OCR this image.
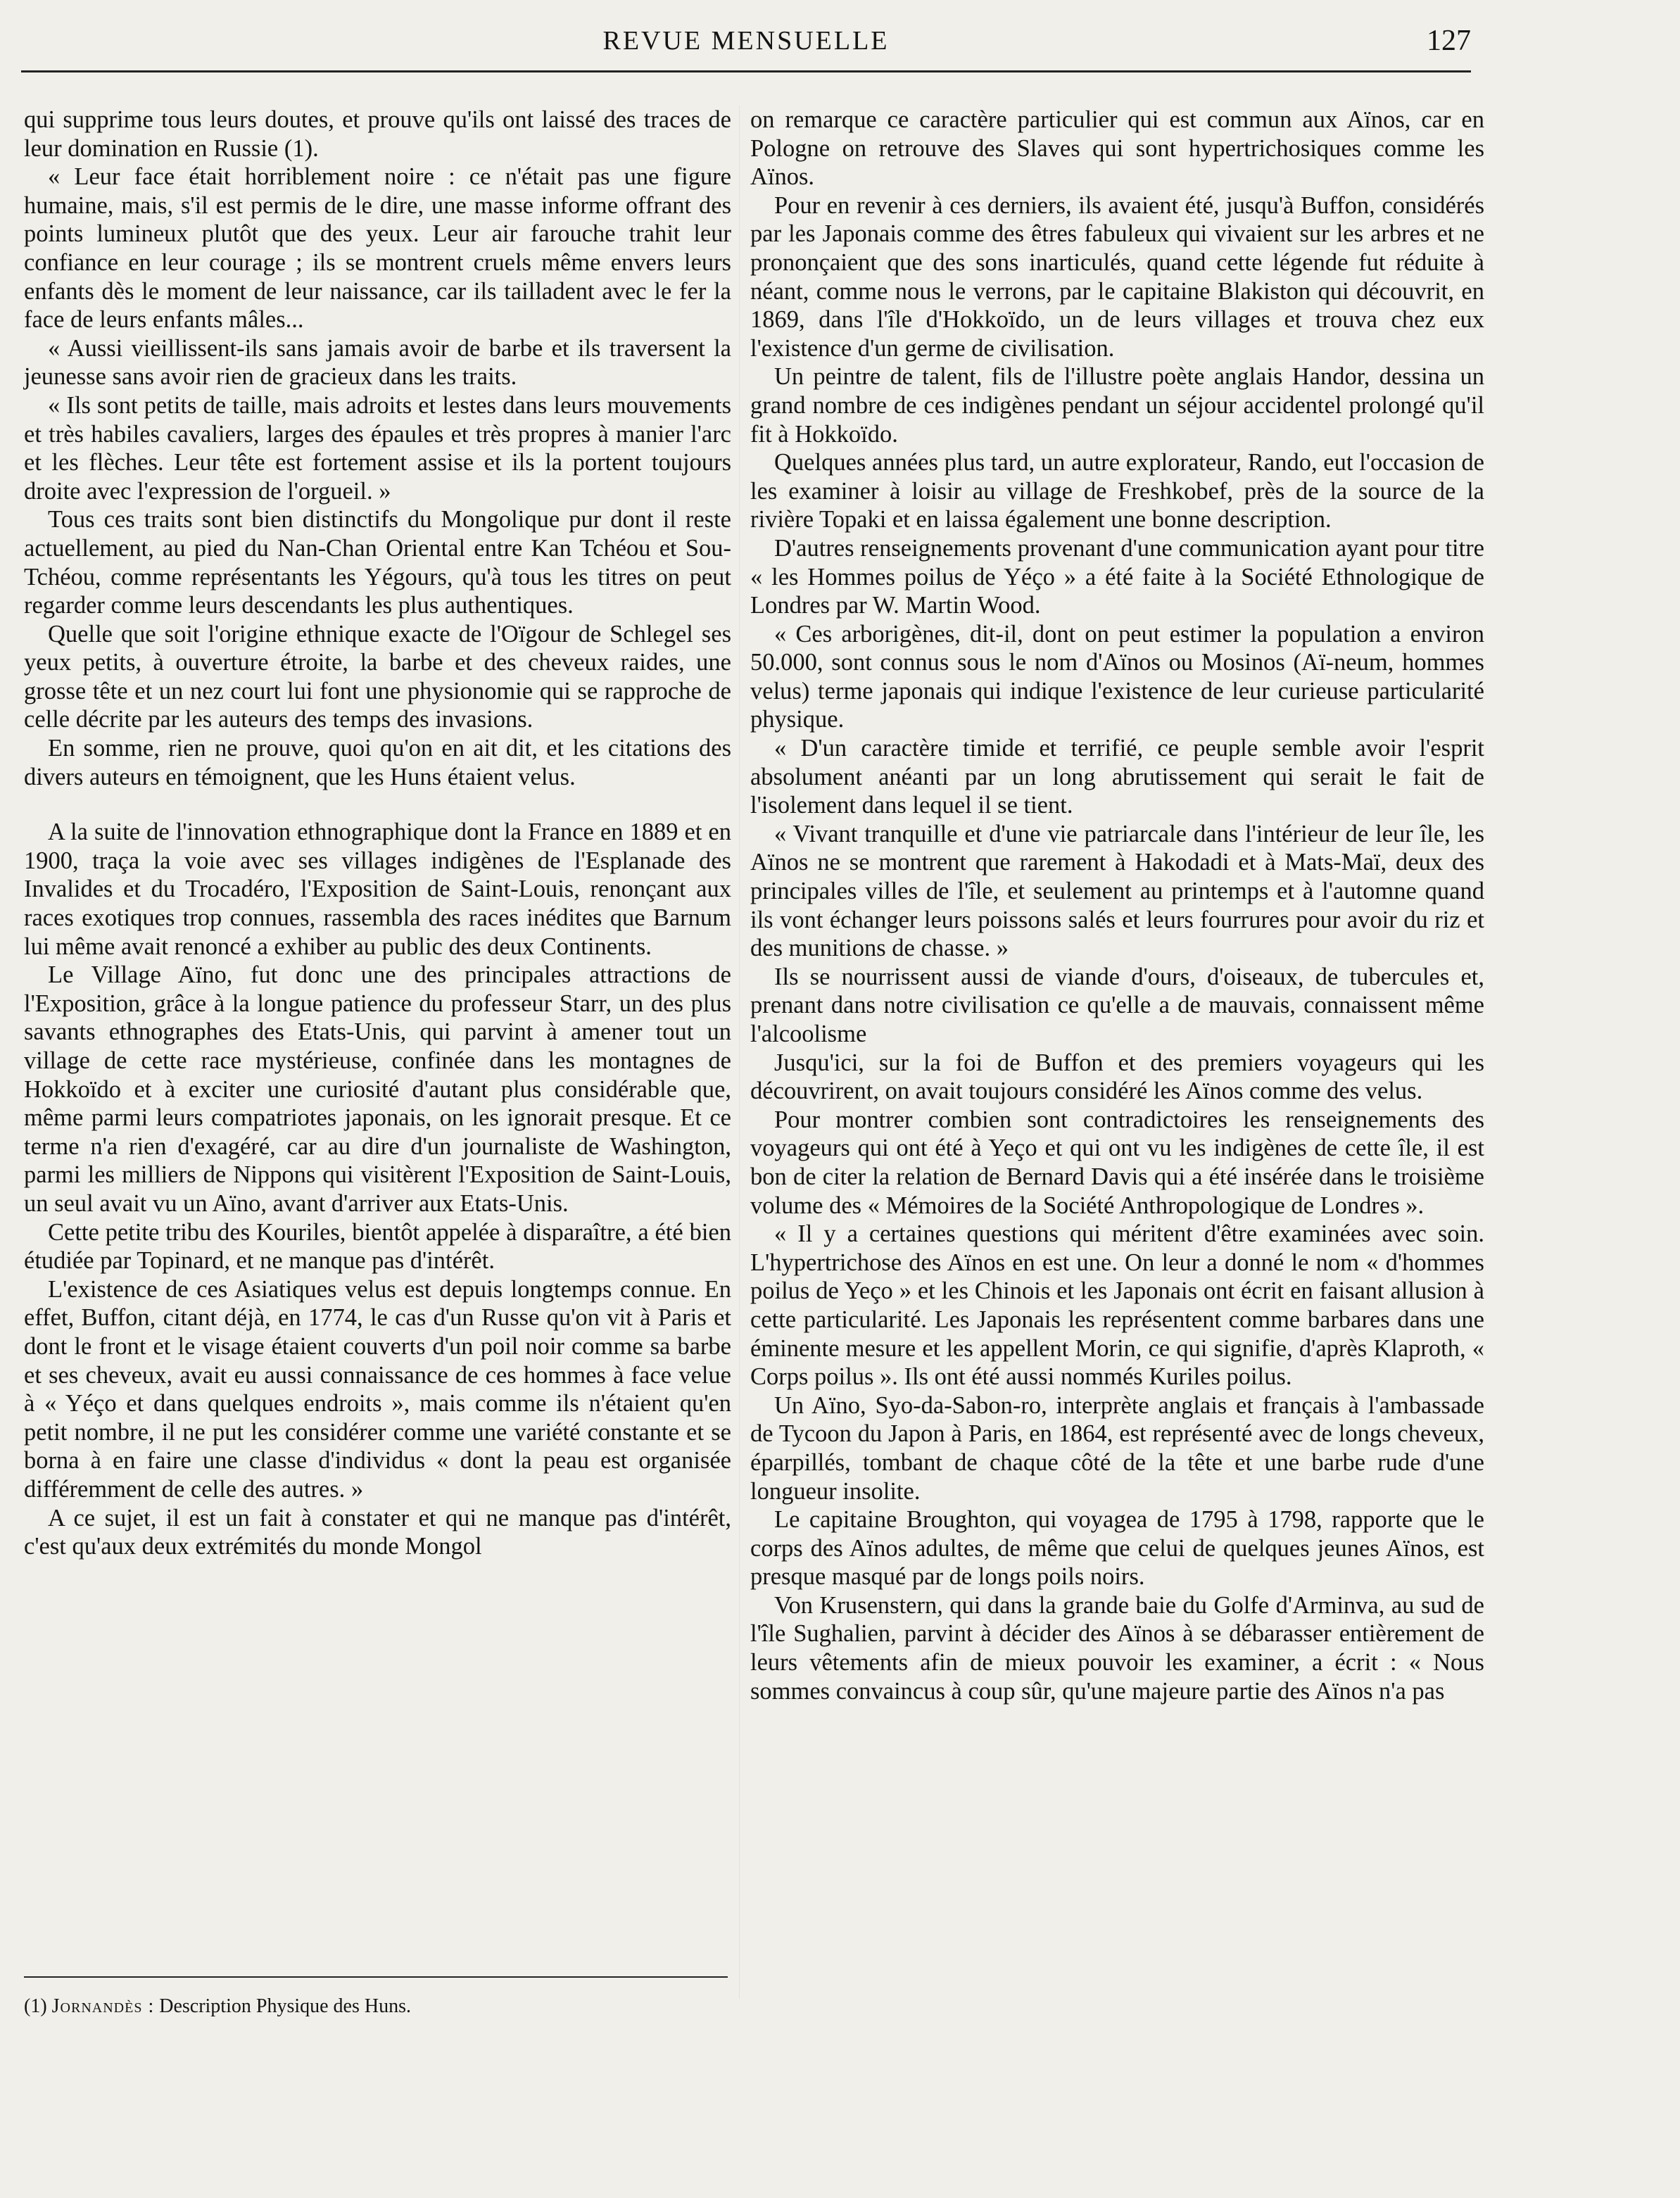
REVUE MENSUELLE	127

qui supprime tous leurs doutes, et prouve qu'ils ont laissé des traces de leur domination en Russie (1).

« Leur face était horriblement noire : ce n'était pas une figure humaine, mais, s'il est permis de le dire, une masse informe offrant des points lumineux plutôt que des yeux. Leur air farouche trahit leur confiance en leur courage ; ils se montrent cruels même envers leurs enfants dès le moment de leur naissance, car ils tailladent avec le fer la face de leurs enfants mâles...

« Aussi vieillissent-ils sans jamais avoir de barbe et ils traversent la jeunesse sans avoir rien de gracieux dans les traits.

« Ils sont petits de taille, mais adroits et lestes dans leurs mouvements et très habiles cavaliers, larges des épaules et très propres à manier l'arc et les flèches. Leur tête est fortement assise et ils la portent toujours droite avec l'expression de l'orgueil. »

Tous ces traits sont bien distinctifs du Mongolique pur dont il reste actuellement, au pied du Nan-Chan Oriental entre Kan Tchéou et Sou-Tchéou, comme représentants les Yégours, qu'à tous les titres on peut regarder comme leurs descendants les plus authentiques.

Quelle que soit l'origine ethnique exacte de l'Oïgour de Schlegel ses yeux petits, à ouverture étroite, la barbe et des cheveux raides, une grosse tête et un nez court lui font une physionomie qui se rapproche de celle décrite par les auteurs des temps des invasions.

En somme, rien ne prouve, quoi qu'on en ait dit, et les citations des divers auteurs en témoignent, que les Huns étaient velus.

A la suite de l'innovation ethnographique dont la France en 1889 et en 1900, traça la voie avec ses villages indigènes de l'Esplanade des Invalides et du Trocadéro, l'Exposition de Saint-Louis, renonçant aux races exotiques trop connues, rassembla des races inédites que Barnum lui même avait renoncé a exhiber au public des deux Continents.

Le Village Aïno, fut donc une des principales attractions de l'Exposition, grâce à la longue patience du professeur Starr, un des plus savants ethnographes des Etats-Unis, qui parvint à amener tout un village de cette race mystérieuse, confinée dans les montagnes de Hokkoïdo et à exciter une curiosité d'autant plus considérable que, même parmi leurs compatriotes japonais, on les ignorait presque. Et ce terme n'a rien d'exagéré, car au dire d'un journaliste de Washington, parmi les milliers de Nippons qui visitèrent l'Exposition de Saint-Louis, un seul avait vu un Aïno, avant d'arriver aux Etats-Unis.

Cette petite tribu des Kouriles, bientôt appelée à disparaître, a été bien étudiée par Topinard, et ne manque pas d'intérêt.

L'existence de ces Asiatiques velus est depuis longtemps connue. En effet, Buffon, citant déjà, en 1774, le cas d'un Russe qu'on vit à Paris et dont le front et le visage étaient couverts d'un poil noir comme sa barbe et ses cheveux, avait eu aussi connaissance de ces hommes à face velue à « Yéço et dans quelques endroits », mais comme ils n'étaient qu'en petit nombre, il ne put les considérer comme une variété constante et se borna à en faire une classe d'individus « dont la peau est organisée différemment de celle des autres. »

A ce sujet, il est un fait à constater et qui ne manque pas d'intérêt, c'est qu'aux deux extrémités du monde Mongol

on remarque ce caractère particulier qui est commun aux Aïnos, car en Pologne on retrouve des Slaves qui sont hypertrichosiques comme les Aïnos.

Pour en revenir à ces derniers, ils avaient été, jusqu'à Buffon, considérés par les Japonais comme des êtres fabuleux qui vivaient sur les arbres et ne prononçaient que des sons inarticulés, quand cette légende fut réduite à néant, comme nous le verrons, par le capitaine Blakiston qui découvrit, en 1869, dans l'île d'Hokkoïdo, un de leurs villages et trouva chez eux l'existence d'un germe de civilisation.

Un peintre de talent, fils de l'illustre poète anglais Handor, dessina un grand nombre de ces indigènes pendant un séjour accidentel prolongé qu'il fit à Hokkoïdo.

Quelques années plus tard, un autre explorateur, Rando, eut l'occasion de les examiner à loisir au village de Freshkobef, près de la source de la rivière Topaki et en laissa également une bonne description.

D'autres renseignements provenant d'une communication ayant pour titre « les Hommes poilus de Yéço » a été faite à la Société Ethnologique de Londres par W. Martin Wood.

« Ces arborigènes, dit-il, dont on peut estimer la population a environ 50.000, sont connus sous le nom d'Aïnos ou Mosinos (Aï-neum, hommes velus) terme japonais qui indique l'existence de leur curieuse particularité physique.

« D'un caractère timide et terrifié, ce peuple semble avoir l'esprit absolument anéanti par un long abrutissement qui serait le fait de l'isolement dans lequel il se tient.

« Vivant tranquille et d'une vie patriarcale dans l'intérieur de leur île, les Aïnos ne se montrent que rarement à Hakodadi et à Mats-Maï, deux des principales villes de l'île, et seulement au printemps et à l'automne quand ils vont échanger leurs poissons salés et leurs fourrures pour avoir du riz et des munitions de chasse. »

Ils se nourrissent aussi de viande d'ours, d'oiseaux, de tubercules et, prenant dans notre civilisation ce qu'elle a de mauvais, connaissent même l'alcoolisme

Jusqu'ici, sur la foi de Buffon et des premiers voyageurs qui les découvrirent, on avait toujours considéré les Aïnos comme des velus.

Pour montrer combien sont contradictoires les renseignements des voyageurs qui ont été à Yeço et qui ont vu les indigènes de cette île, il est bon de citer la relation de Bernard Davis qui a été insérée dans le troisième volume des « Mémoires de la Société Anthropologique de Londres ».

« Il y a certaines questions qui méritent d'être examinées avec soin. L'hypertrichose des Aïnos en est une. On leur a donné le nom « d'hommes poilus de Yeço » et les Chinois et les Japonais ont écrit en faisant allusion à cette particularité. Les Japonais les représentent comme barbares dans une éminente mesure et les appellent Morin, ce qui signifie, d'après Klaproth, « Corps poilus ». Ils ont été aussi nommés Kuriles poilus.

Un Aïno, Syo-da-Sabon-ro, interprète anglais et français à l'ambassade de Tycoon du Japon à Paris, en 1864, est représenté avec de longs cheveux, éparpillés, tombant de chaque côté de la tête et une barbe rude d'une longueur insolite.

Le capitaine Broughton, qui voyagea de 1795 à 1798, rapporte que le corps des Aïnos adultes, de même que celui de quelques jeunes Aïnos, est presque masqué par de longs poils noirs.

Von Krusenstern, qui dans la grande baie du Golfe d'Arminva, au sud de l'île Sughalien, parvint à décider des Aïnos à se débarasser entièrement de leurs vêtements afin de mieux pouvoir les examiner, a écrit : « Nous sommes convaincus à coup sûr, qu'une majeure partie des Aïnos n'a pas

(1) Jornandès : Description Physique des Huns.
